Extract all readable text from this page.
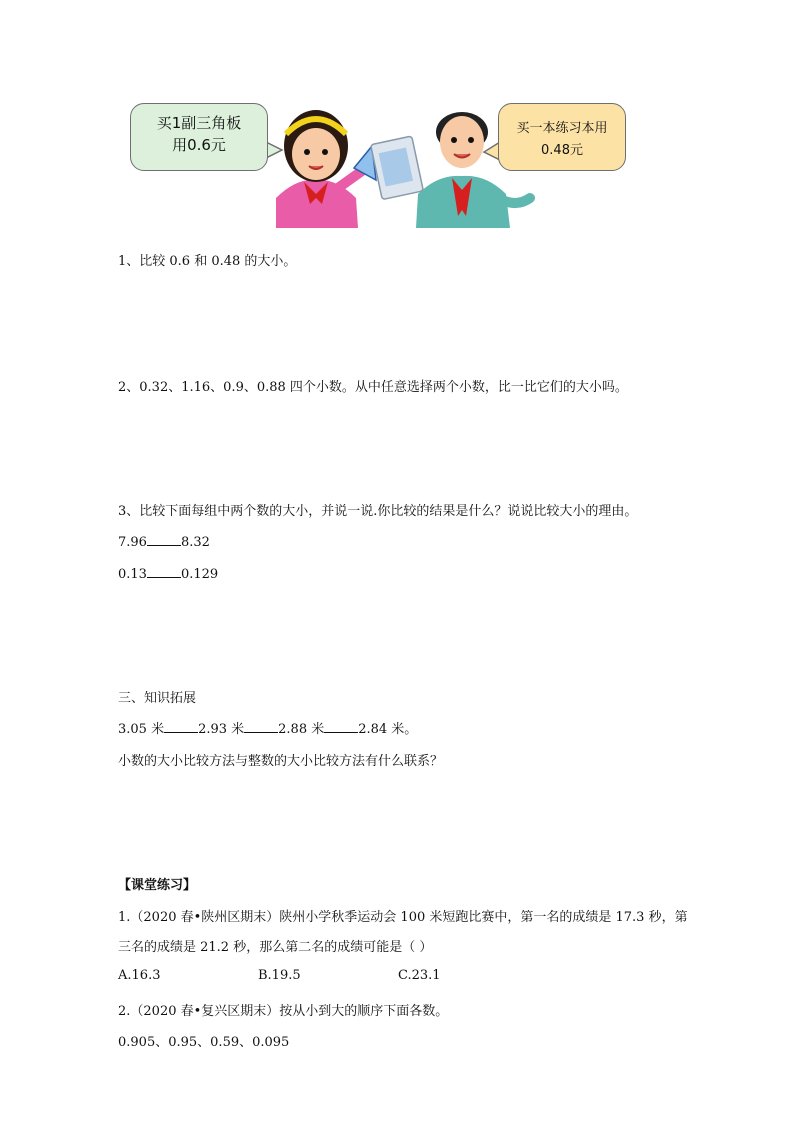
买1副三角板
用0.6元
买一本练习本用
0.48元
1、比较 0.6 和 0.48 的大小。
2、0.32、1.16、0.9、0.88 四个小数。从中任意选择两个小数，比一比它们的大小吗。
3、比较下面每组中两个数的大小，并说一说.你比较的结果是什么？说说比较大小的理由。
7.96	8.32
0.13	0.129
三、知识拓展
3.05 米	2.93 米	2.88 米	2.84 米。
小数的大小比较方法与整数的大小比较方法有什么联系？
【课堂练习】
1.（2020 春•陕州区期末）陕州小学秋季运动会 100 米短跑比赛中，第一名的成绩是 17.3 秒，第
三名的成绩是 21.2 秒，那么第二名的成绩可能是（ ）
A.16.3	B.19.5	C.23.1
2.（2020 春•复兴区期末）按从小到大的顺序下面各数。
0.905、0.95、0.59、0.095
